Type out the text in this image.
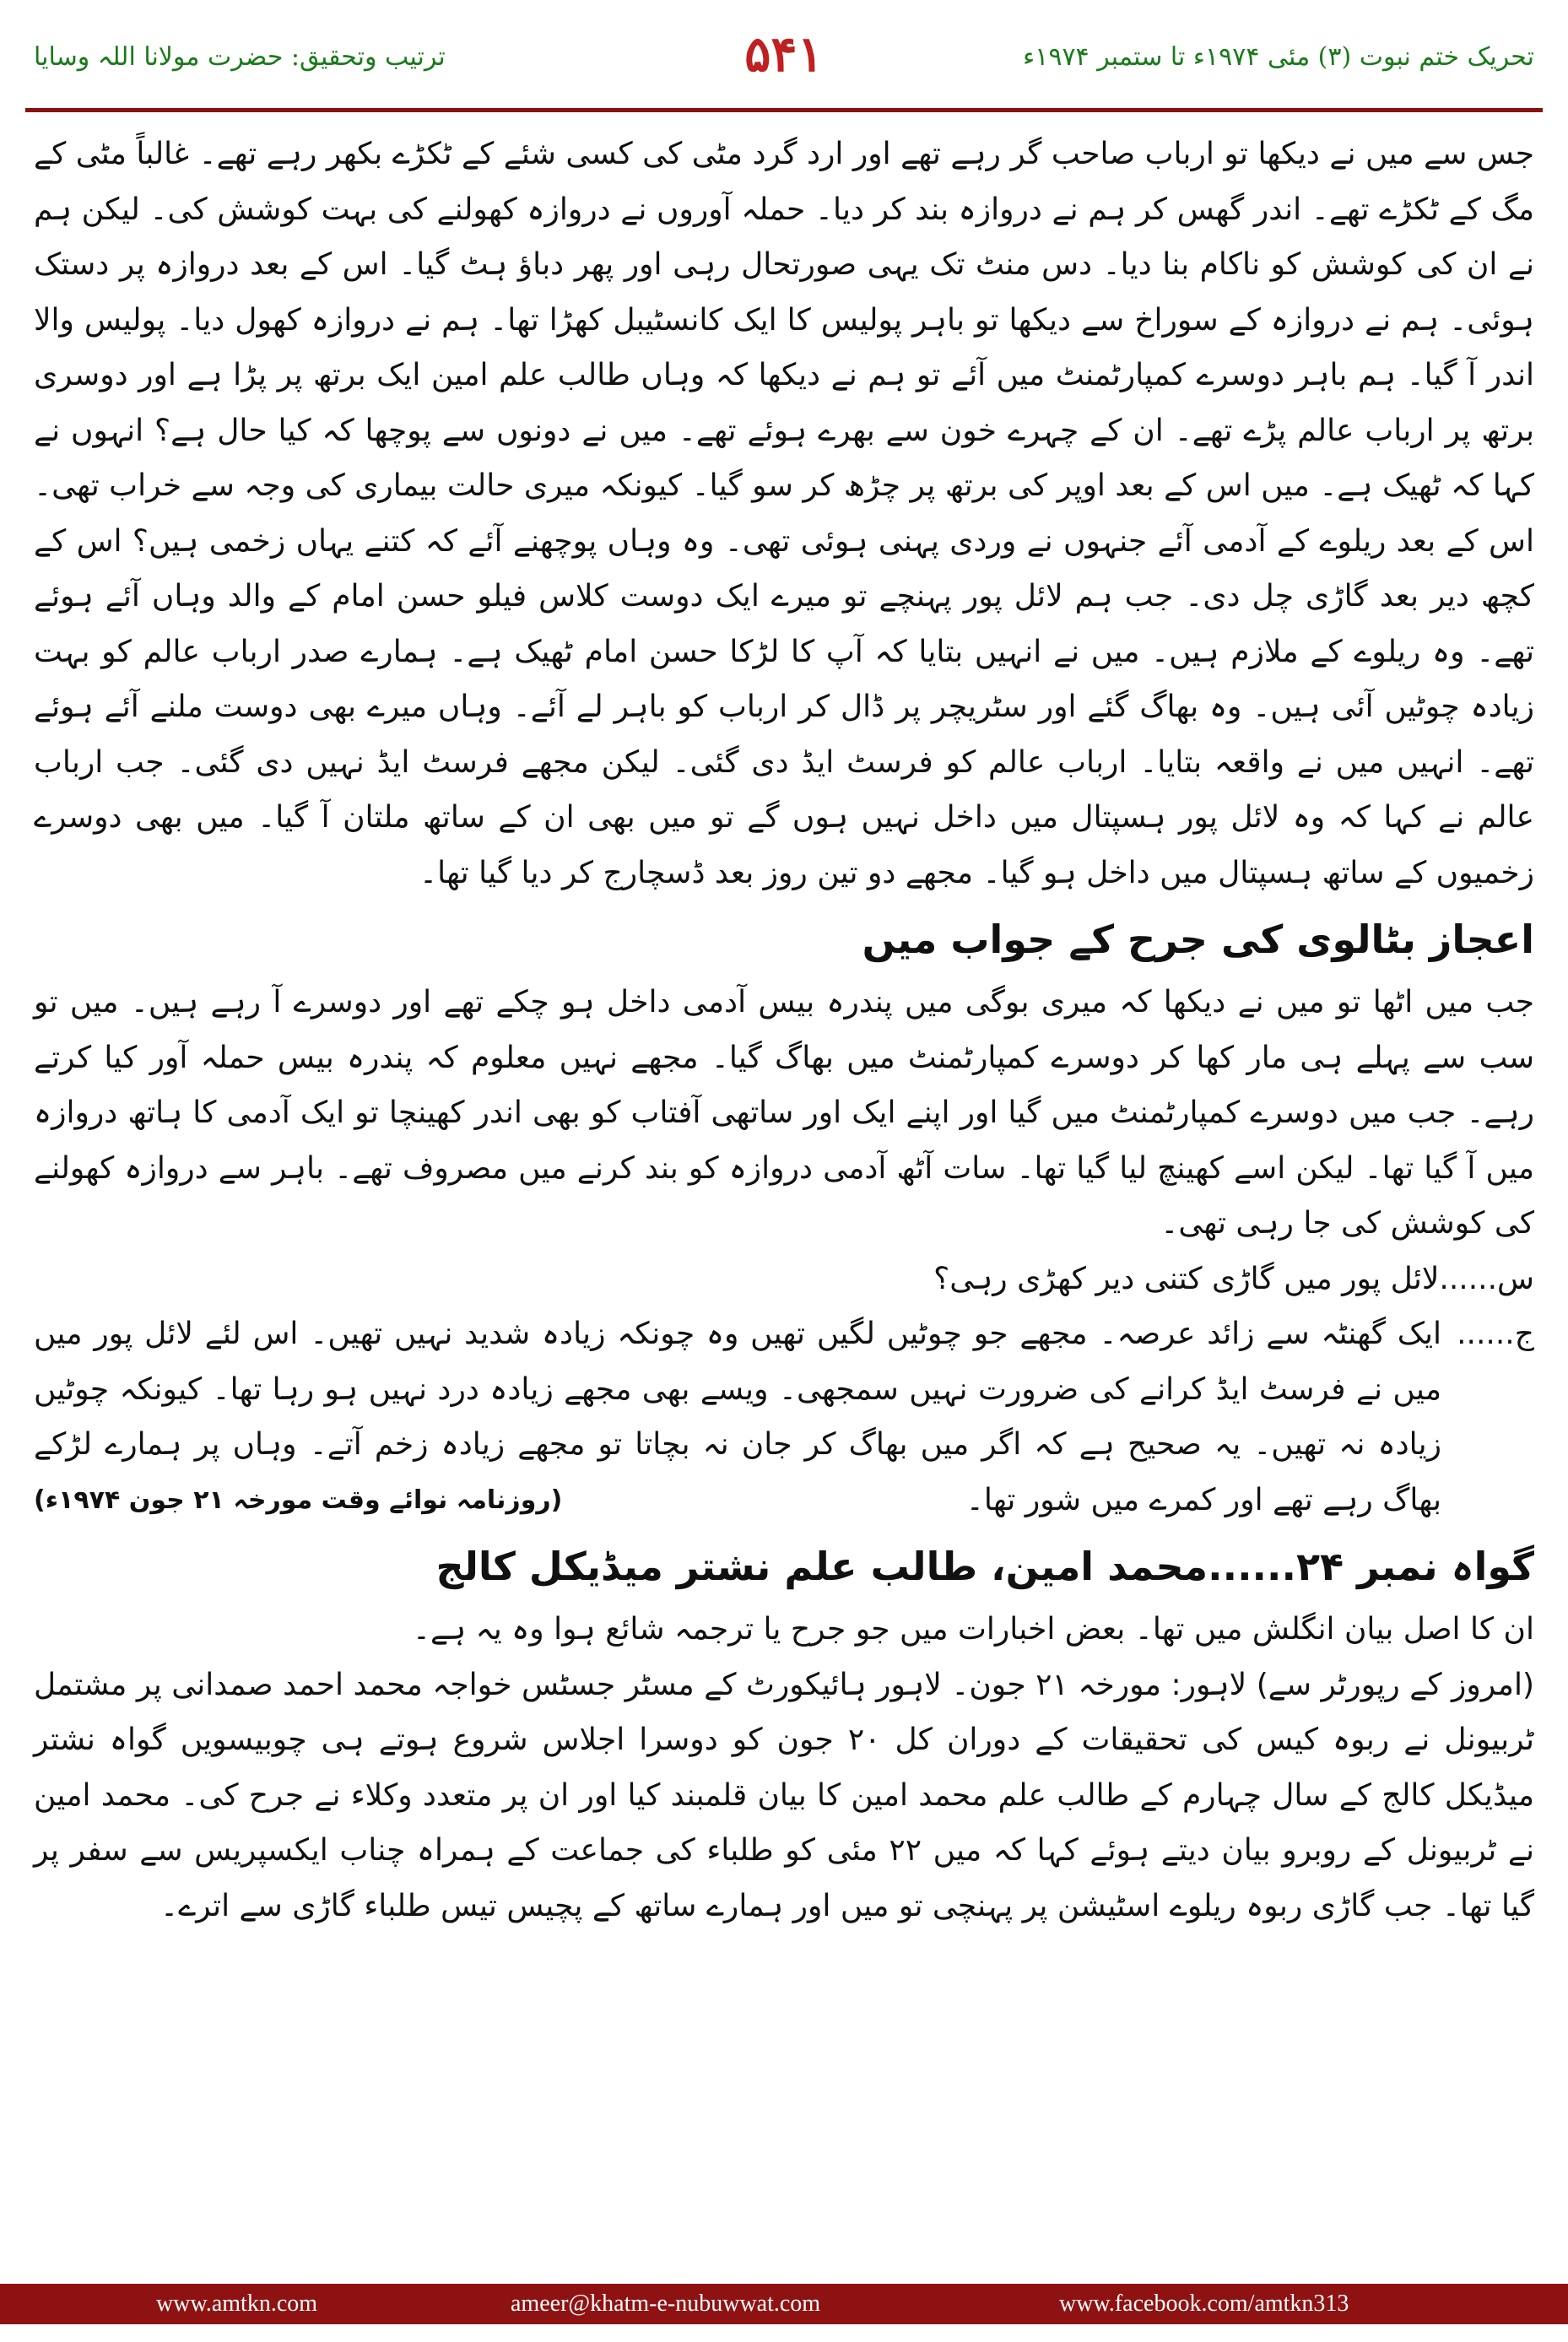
ترتیب وتحقیق: حضرت مولانا اللہ وسایا	۵۴۱	تحریک ختم نبوت (۳) مئی ۱۹۷۴ء تا ستمبر ۱۹۷۴ء

جس سے میں نے دیکھا تو ارباب صاحب گر رہے تھے اور ارد گرد مٹی کی کسی شئے کے ٹکڑے بکھر رہے تھے۔ غالباً مٹی کے مگ کے ٹکڑے تھے۔ اندر گھس کر ہم نے دروازہ بند کر دیا۔ حملہ آوروں نے دروازہ کھولنے کی بہت کوشش کی۔ لیکن ہم نے ان کی کوشش کو ناکام بنا دیا۔ دس منٹ تک یہی صورتحال رہی اور پھر دباؤ ہٹ گیا۔ اس کے بعد دروازہ پر دستک ہوئی۔ ہم نے دروازہ کے سوراخ سے دیکھا تو باہر پولیس کا ایک کانسٹیبل کھڑا تھا۔ ہم نے دروازہ کھول دیا۔ پولیس والا اندر آ گیا۔ ہم باہر دوسرے کمپارٹمنٹ میں آئے تو ہم نے دیکھا کہ وہاں طالب علم امین ایک برتھ پر پڑا ہے اور دوسری برتھ پر ارباب عالم پڑے تھے۔ ان کے چہرے خون سے بھرے ہوئے تھے۔ میں نے دونوں سے پوچھا کہ کیا حال ہے؟ انہوں نے کہا کہ ٹھیک ہے۔ میں اس کے بعد اوپر کی برتھ پر چڑھ کر سو گیا۔ کیونکہ میری حالت بیماری کی وجہ سے خراب تھی۔ اس کے بعد ریلوے کے آدمی آئے جنہوں نے وردی پہنی ہوئی تھی۔ وہ وہاں پوچھنے آئے کہ کتنے یہاں زخمی ہیں؟ اس کے کچھ دیر بعد گاڑی چل دی۔ جب ہم لائل پور پہنچے تو میرے ایک دوست کلاس فیلو حسن امام کے والد وہاں آئے ہوئے تھے۔ وہ ریلوے کے ملازم ہیں۔ میں نے انہیں بتایا کہ آپ کا لڑکا حسن امام ٹھیک ہے۔ ہمارے صدر ارباب عالم کو بہت زیادہ چوٹیں آئی ہیں۔ وہ بھاگ گئے اور سٹریچر پر ڈال کر ارباب کو باہر لے آئے۔ وہاں میرے بھی دوست ملنے آئے ہوئے تھے۔ انہیں میں نے واقعہ بتایا۔ ارباب عالم کو فرسٹ ایڈ دی گئی۔ لیکن مجھے فرسٹ ایڈ نہیں دی گئی۔ جب ارباب عالم نے کہا کہ وہ لائل پور ہسپتال میں داخل نہیں ہوں گے تو میں بھی ان کے ساتھ ملتان آ گیا۔ میں بھی دوسرے زخمیوں کے ساتھ ہسپتال میں داخل ہو گیا۔ مجھے دو تین روز بعد ڈسچارج کر دیا گیا تھا۔

اعجاز بٹالوی کی جرح کے جواب میں

جب میں اٹھا تو میں نے دیکھا کہ میری بوگی میں پندرہ بیس آدمی داخل ہو چکے تھے اور دوسرے آ رہے ہیں۔ میں تو سب سے پہلے ہی مار کھا کر دوسرے کمپارٹمنٹ میں بھاگ گیا۔ مجھے نہیں معلوم کہ پندرہ بیس حملہ آور کیا کرتے رہے۔ جب میں دوسرے کمپارٹمنٹ میں گیا اور اپنے ایک اور ساتھی آفتاب کو بھی اندر کھینچا تو ایک آدمی کا ہاتھ دروازہ میں آ گیا تھا۔ لیکن اسے کھینچ لیا گیا تھا۔ سات آٹھ آدمی دروازہ کو بند کرنے میں مصروف تھے۔ باہر سے دروازہ کھولنے کی کوشش کی جا رہی تھی۔

س......
لائل پور میں گاڑی کتنی دیر کھڑی رہی؟
ج......
ایک گھنٹہ سے زائد عرصہ۔ مجھے جو چوٹیں لگیں تھیں وہ چونکہ زیادہ شدید نہیں تھیں۔ اس لئے لائل پور میں میں نے فرسٹ ایڈ کرانے کی ضرورت نہیں سمجھی۔ ویسے بھی مجھے زیادہ درد نہیں ہو رہا تھا۔ کیونکہ چوٹیں زیادہ نہ تھیں۔ یہ صحیح ہے کہ اگر میں بھاگ کر جان نہ بچاتا تو مجھے زیادہ زخم آتے۔ وہاں پر ہمارے لڑکے بھاگ رہے تھے اور کمرے میں شور تھا۔
(روزنامہ نوائے وقت مورخہ ۲۱ جون ۱۹۷۴ء)
گواہ نمبر ۲۴......محمد امین، طالب علم نشتر میڈیکل کالج

ان کا اصل بیان انگلش میں تھا۔ بعض اخبارات میں جو جرح یا ترجمہ شائع ہوا وہ یہ ہے۔

(امروز کے رپورٹر سے) لاہور: مورخہ ۲۱ جون۔ لاہور ہائیکورٹ کے مسٹر جسٹس خواجہ محمد احمد صمدانی پر مشتمل ٹربیونل نے ربوہ کیس کی تحقیقات کے دوران کل ۲۰ جون کو دوسرا اجلاس شروع ہوتے ہی چوبیسویں گواہ نشتر میڈیکل کالج کے سال چہارم کے طالب علم محمد امین کا بیان قلمبند کیا اور ان پر متعدد وکلاء نے جرح کی۔ محمد امین نے ٹربیونل کے روبرو بیان دیتے ہوئے کہا کہ میں ۲۲ مئی کو طلباء کی جماعت کے ہمراہ چناب ایکسپریس سے سفر پر گیا تھا۔ جب گاڑی ربوہ ریلوے اسٹیشن پر پہنچی تو میں اور ہمارے ساتھ کے پچیس تیس طلباء گاڑی سے اترے۔

www.amtkn.com	ameer@khatm-e-nubuwwat.com	www.facebook.com/amtkn313
